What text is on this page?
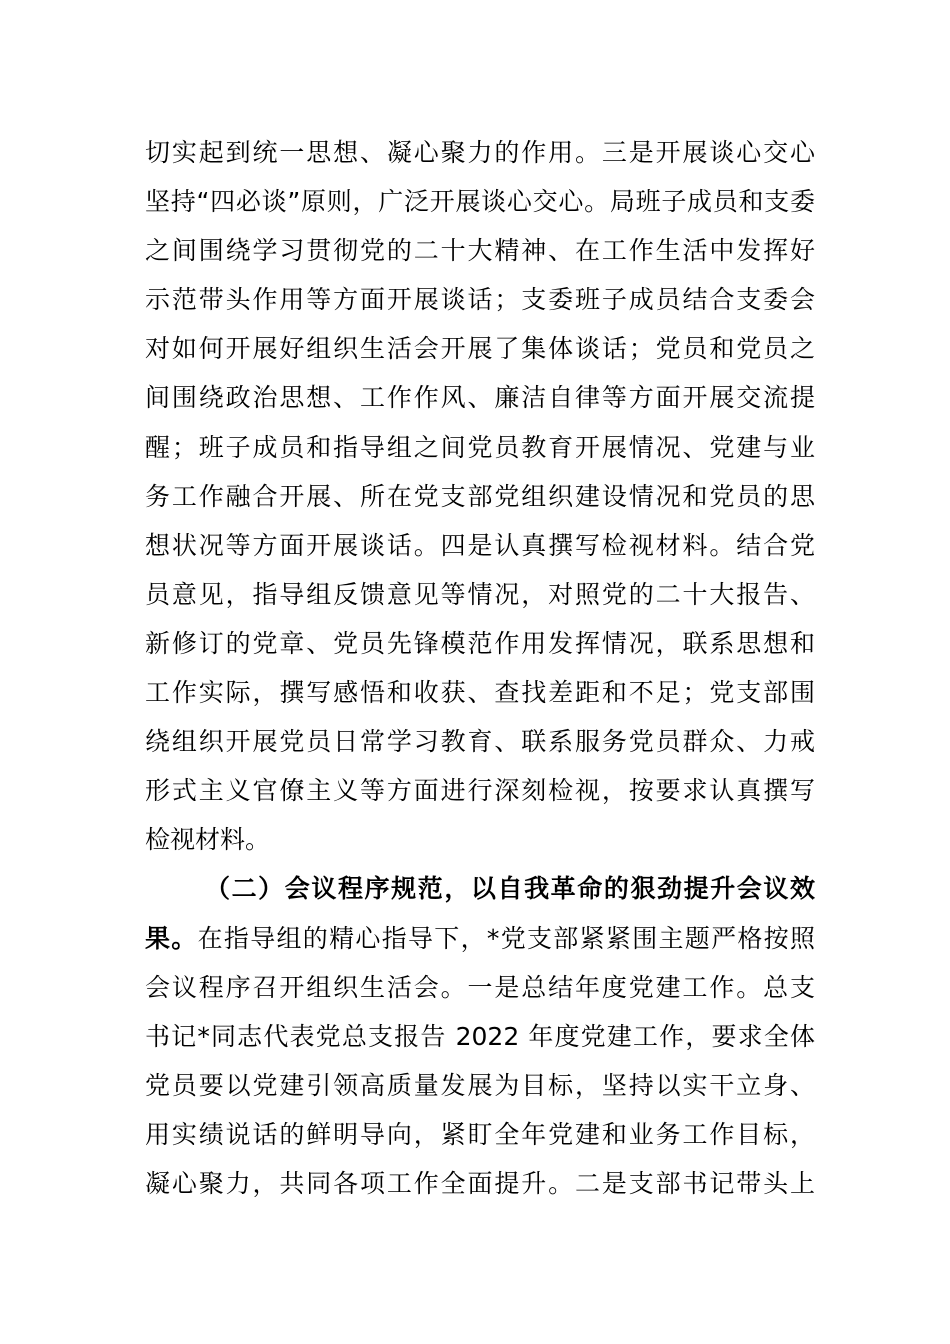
切实起到统一思想、凝心聚力的作用。三是开展谈心交心
坚持“四必谈”原则，广泛开展谈心交心。局班子成员和支委
之间围绕学习贯彻党的二十大精神、在工作生活中发挥好
示范带头作用等方面开展谈话；支委班子成员结合支委会
对如何开展好组织生活会开展了集体谈话；党员和党员之
间围绕政治思想、工作作风、廉洁自律等方面开展交流提
醒；班子成员和指导组之间党员教育开展情况、党建与业
务工作融合开展、所在党支部党组织建设情况和党员的思
想状况等方面开展谈话。四是认真撰写检视材料。结合党
员意见，指导组反馈意见等情况，对照党的二十大报告、
新修订的党章、党员先锋模范作用发挥情况，联系思想和
工作实际，撰写感悟和收获、查找差距和不足；党支部围
绕组织开展党员日常学习教育、联系服务党员群众、力戒
形式主义官僚主义等方面进行深刻检视，按要求认真撰写
检视材料。
（二）会议程序规范，以自我革命的狠劲提升会议效
果。在指导组的精心指导下，*党支部紧紧围主题严格按照
会议程序召开组织生活会。一是总结年度党建工作。总支
书记*同志代表党总支报告 2022 年度党建工作，要求全体
党员要以党建引领高质量发展为目标，坚持以实干立身、
用实绩说话的鲜明导向，紧盯全年党建和业务工作目标，
凝心聚力，共同各项工作全面提升。二是支部书记带头上
